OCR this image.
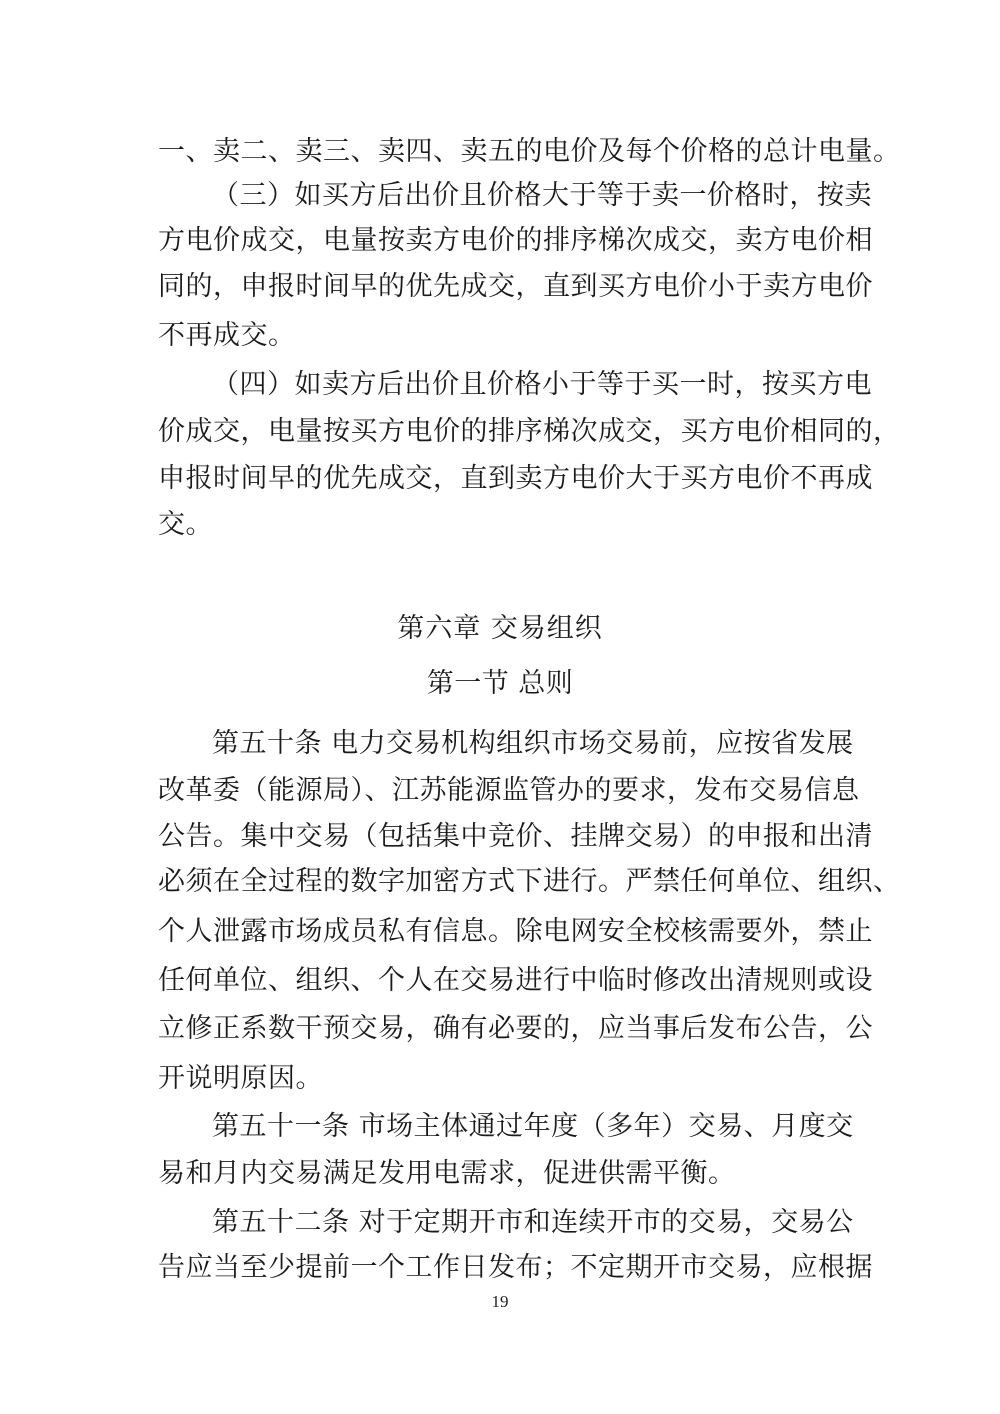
一、卖二、卖三、卖四、卖五的电价及每个价格的总计电量。
（三）如买方后出价且价格大于等于卖一价格时，按卖
方电价成交，电量按卖方电价的排序梯次成交，卖方电价相
同的，申报时间早的优先成交，直到买方电价小于卖方电价
不再成交。
（四）如卖方后出价且价格小于等于买一时，按买方电
价成交，电量按买方电价的排序梯次成交，买方电价相同的，
申报时间早的优先成交，直到卖方电价大于买方电价不再成
交。
第六章 交易组织
第一节 总则
第五十条 电力交易机构组织市场交易前，应按省发展
改革委（能源局）、江苏能源监管办的要求，发布交易信息
公告。集中交易（包括集中竞价、挂牌交易）的申报和出清
必须在全过程的数字加密方式下进行。严禁任何单位、组织、
个人泄露市场成员私有信息。除电网安全校核需要外，禁止
任何单位、组织、个人在交易进行中临时修改出清规则或设
立修正系数干预交易，确有必要的，应当事后发布公告，公
开说明原因。
第五十一条 市场主体通过年度（多年）交易、月度交
易和月内交易满足发用电需求，促进供需平衡。
第五十二条 对于定期开市和连续开市的交易，交易公
告应当至少提前一个工作日发布；不定期开市交易，应根据
19
